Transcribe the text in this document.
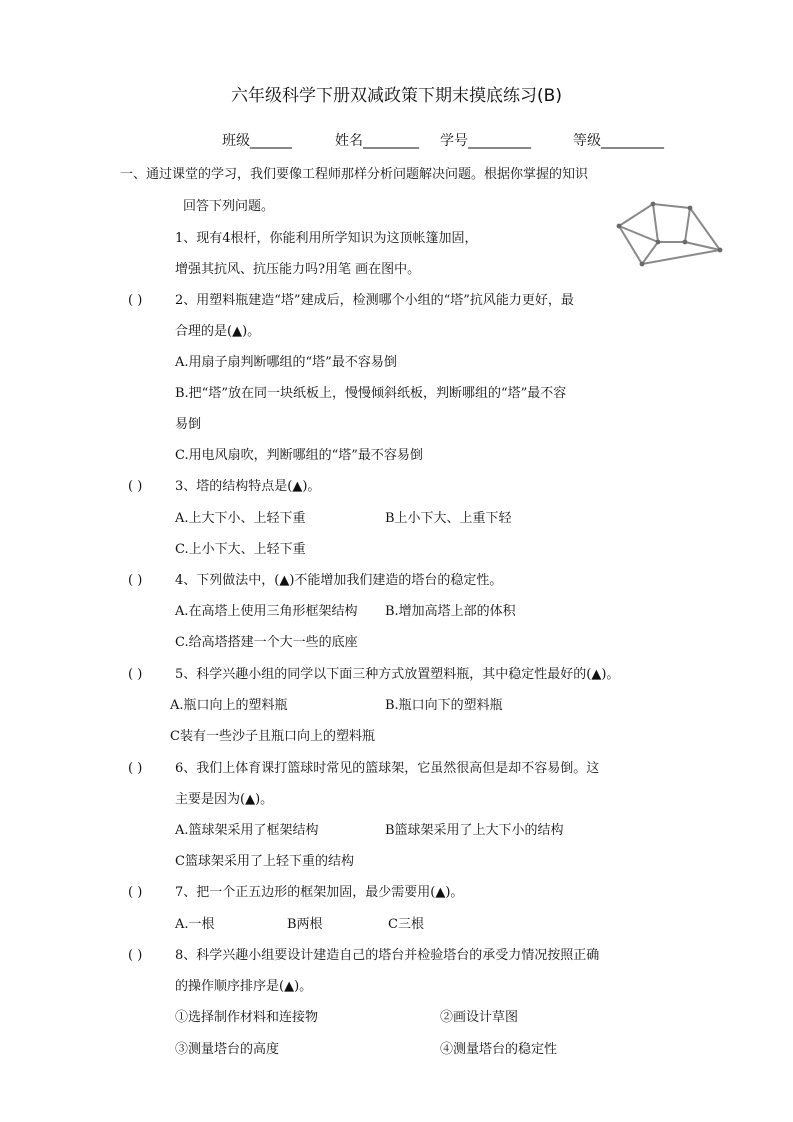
六年级科学下册双减政策下期末摸底练习(B)
班级______	姓名________ 学号_________	等级_________
一、通过课堂的学习，我们要像工程师那样分析问题解决问题。根据你掌握的知识
回答下列问题。
1、现有4根杆，你能利用所学知识为这顶帐篷加固，
增强其抗风、抗压能力吗?用笔 画在图中。
( )	2、用塑料瓶建造“塔”建成后，检测哪个小组的“塔”抗风能力更好，最
合理的是(▲)。
A.用扇子扇判断哪组的“塔”最不容易倒
B.把“塔”放在同一块纸板上，慢慢倾斜纸板，判断哪组的“塔”最不容
易倒
C.用电风扇吹，判断哪组的“塔”最不容易倒
( )	3、塔的结构特点是(▲)。
A.上大下小、上轻下重	B上小下大、上重下轻
C.上小下大、上轻下重
( )	4、下列做法中，(▲)不能增加我们建造的塔台的稳定性。
A.在高塔上使用三角形框架结构 B.增加高塔上部的体积
C.给高塔搭建一个大一些的底座
( )	5、科学兴趣小组的同学以下面三种方式放置塑料瓶，其中稳定性最好的(▲)。
A.瓶口向上的塑料瓶	B.瓶口向下的塑料瓶
C装有一些沙子且瓶口向上的塑料瓶
( )	6、我们上体育课打篮球时常见的篮球架，它虽然很高但是却不容易倒。这
主要是因为(▲)。
A.篮球架采用了框架结构	B篮球架采用了上大下小的结构
C篮球架采用了上轻下重的结构
( )	7、把一个正五边形的框架加固，最少需要用(▲)。
A.一根	B两根	C三根
( )	8、科学兴趣小组要设计建造自己的塔台并检验塔台的承受力情况按照正确
的操作顺序排序是(▲)。
①选择制作材料和连接物	②画设计草图
③测量塔台的高度	④测量塔台的稳定性
